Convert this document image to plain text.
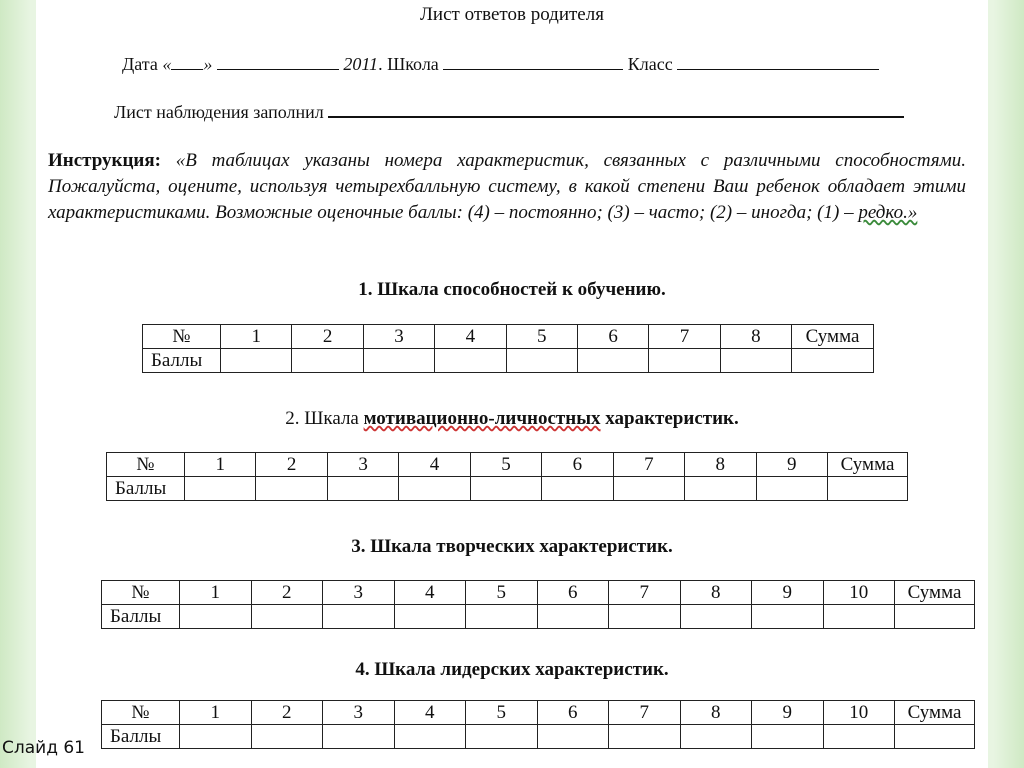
Лист ответов родителя
Дата « »	2011. Школа	Класс
Лист наблюдения заполнил
Инструкция: «В таблицах указаны номера характеристик, связанных с различными способностями. Пожалуйста, оцените, используя четырехбалльную систему, в какой степени Ваш ребенок обладает этими характеристиками. Возможные оценочные баллы: (4) – постоянно; (3) – часто; (2) – иногда; (1) – редко.»
1. Шкала способностей к обучению.
№	1	2	3	4	5	6	7	8	Сумма
Баллы									
2. Шкала мотивационно-личностных характеристик.
№	1	2	3	4	5	6	7	8	9	Сумма
Баллы										
3. Шкала творческих характеристик.
№	1	2	3	4	5	6	7	8	9	10	Сумма
Баллы											
4. Шкала лидерских характеристик.
№	1	2	3	4	5	6	7	8	9	10	Сумма
Баллы											
Слайд 61
